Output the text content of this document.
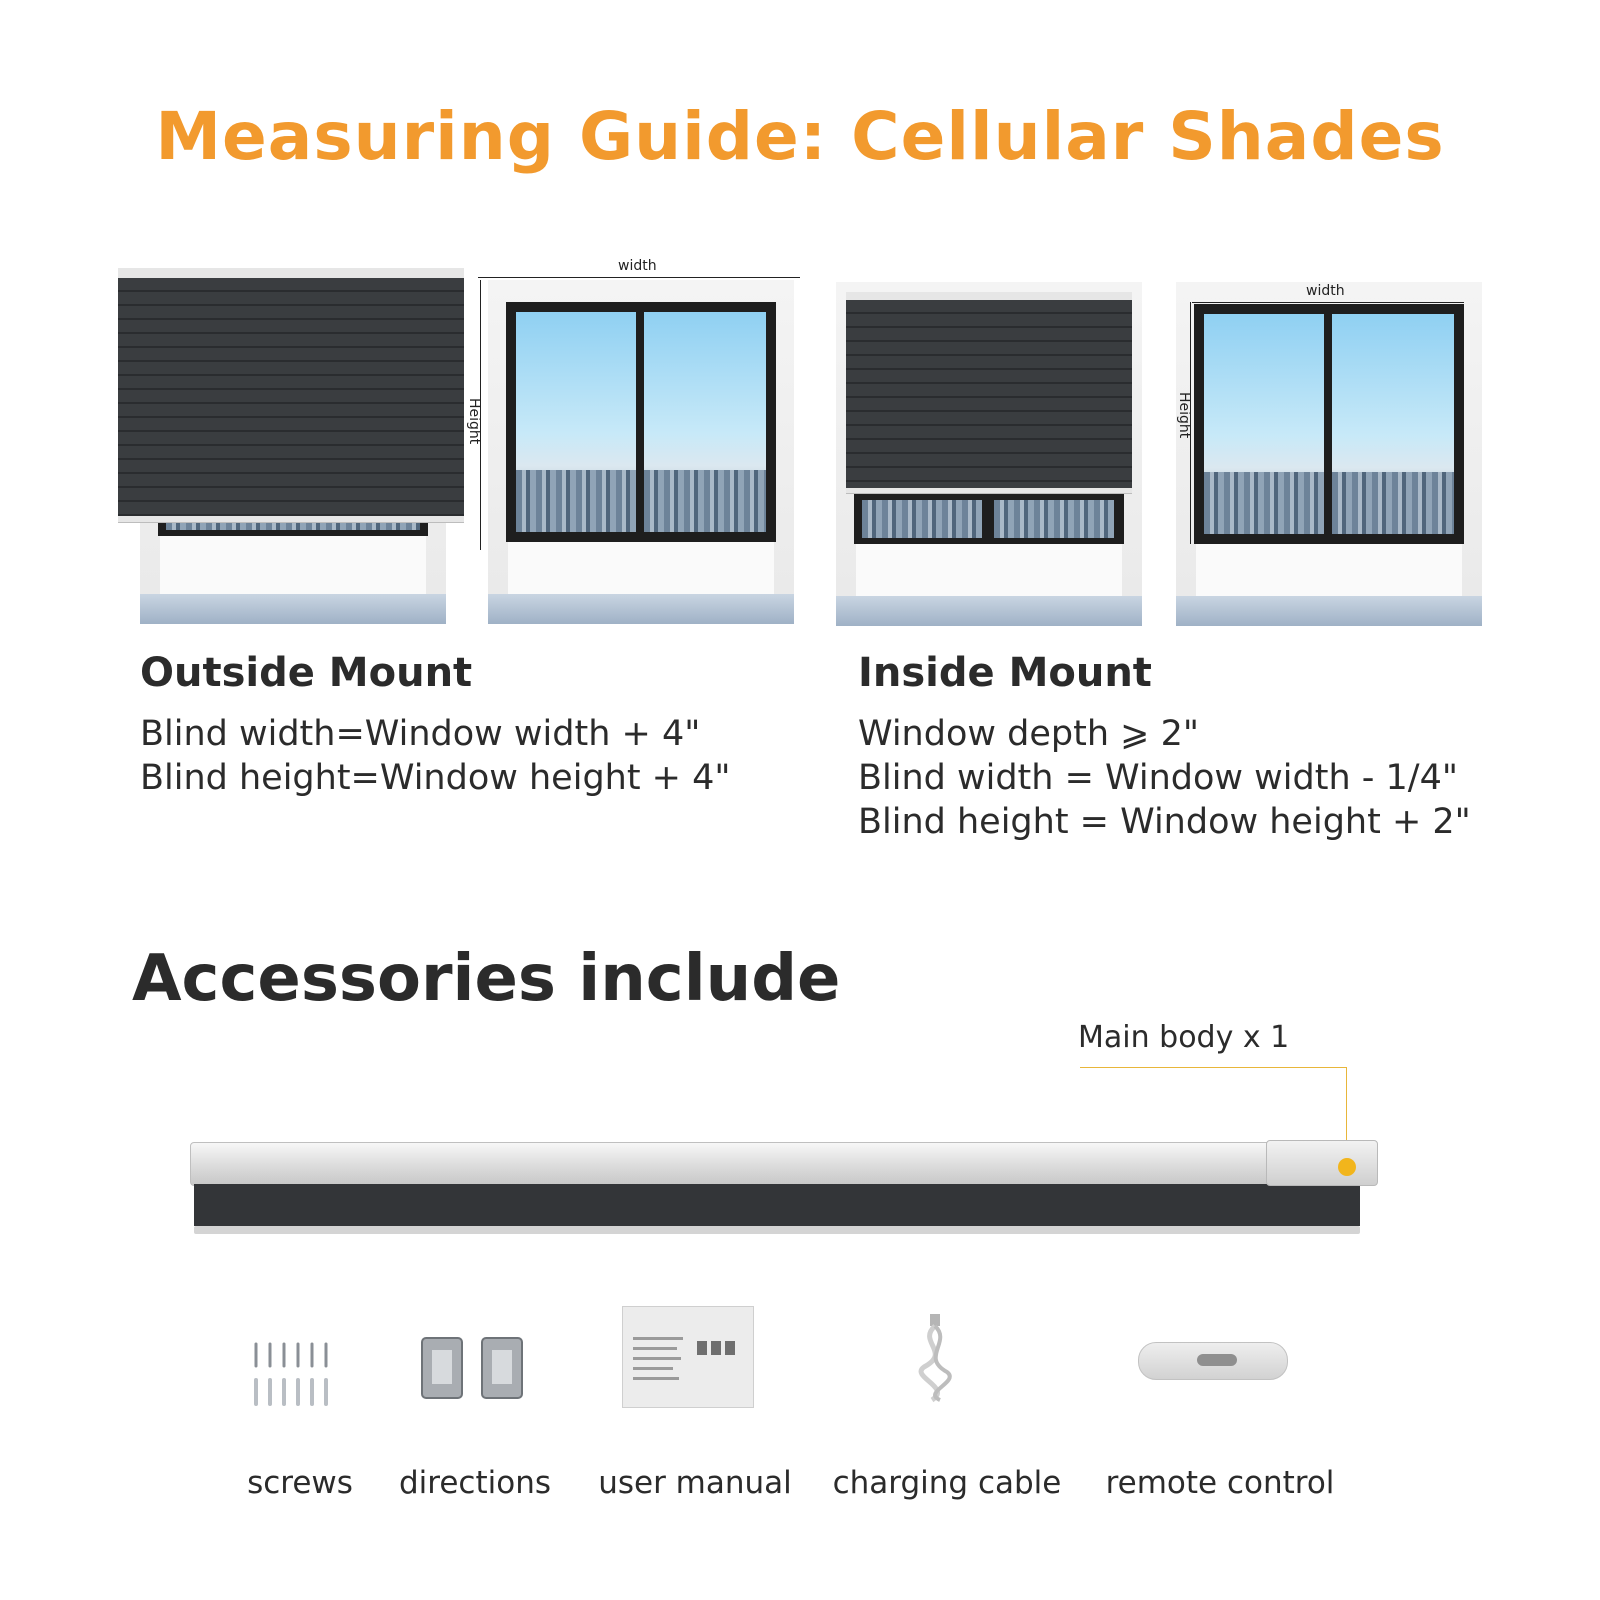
Measuring Guide: Cellular Shades
width
Height
width
Height
Outside Mount
Blind width=Window width + 4"
Blind height=Window height + 4"
Inside Mount
Window depth ⩾ 2"
Blind width = Window width - 1/4"
Blind height = Window height + 2"
Accessories include
Main body x 1
screws	directions user manual charging cable remote control
